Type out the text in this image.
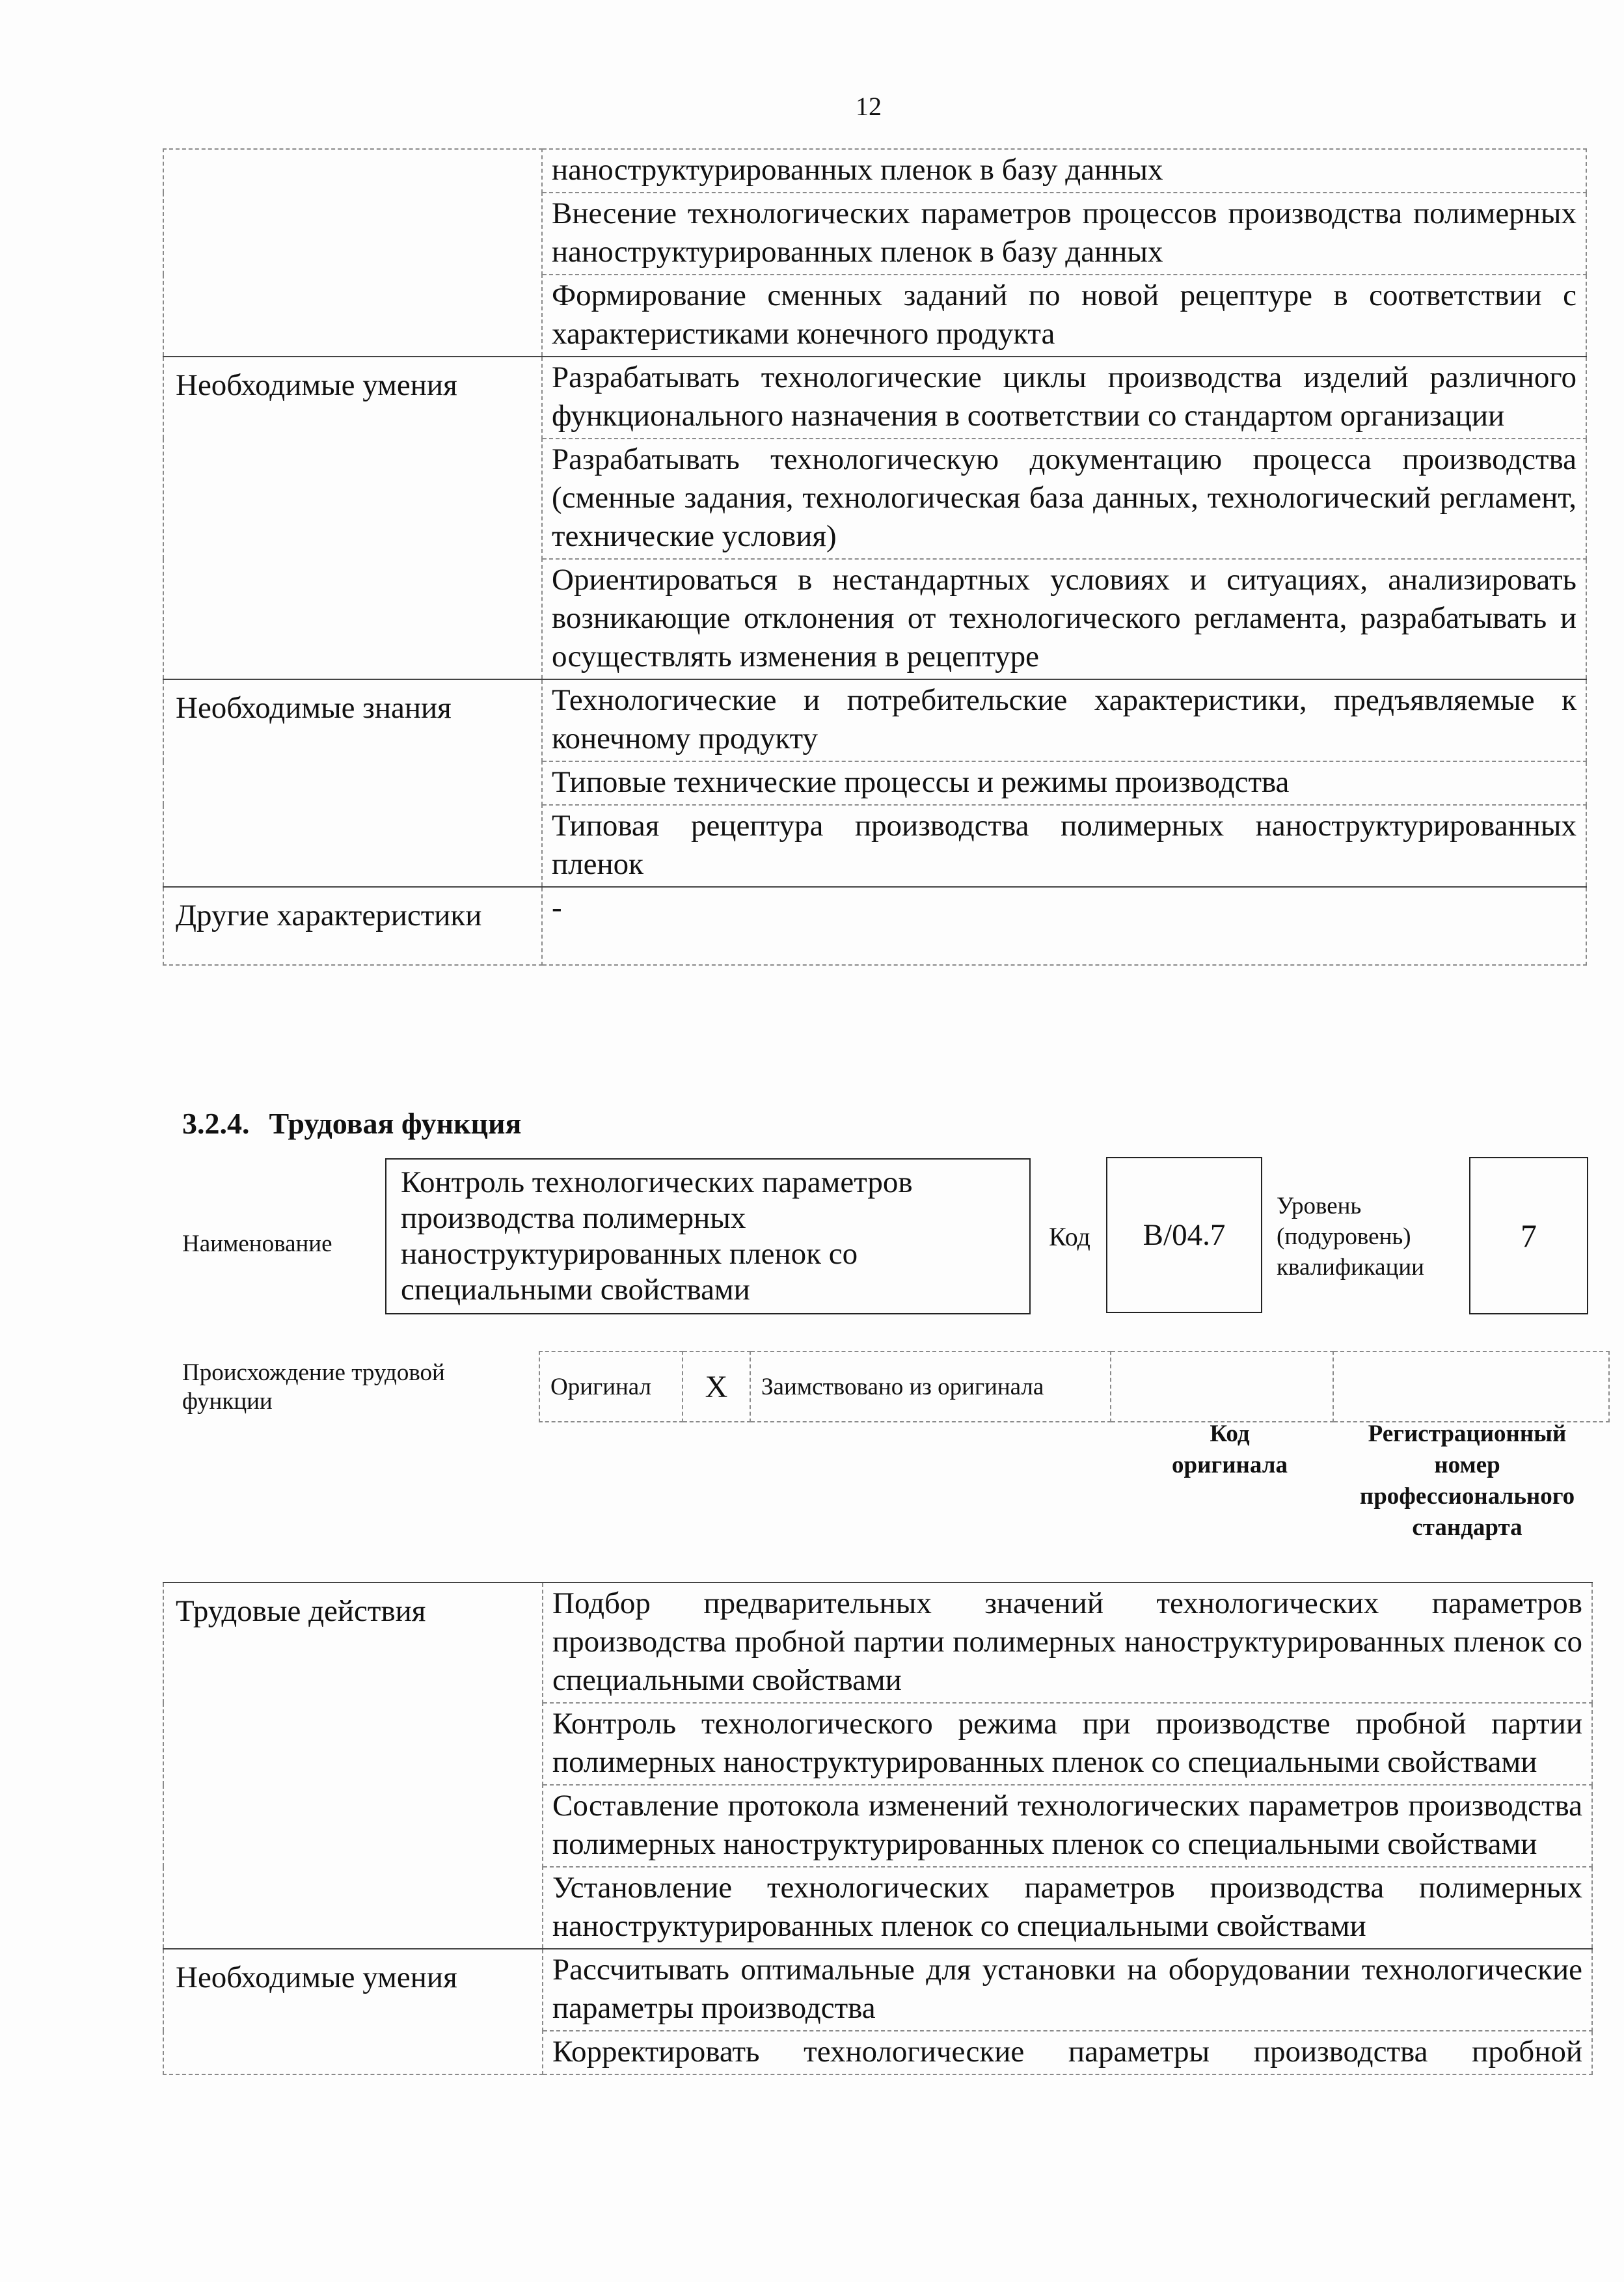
12
	наноструктурированных пленок в базу данных
	Внесение технологических параметров процессов производства полимерных наноструктурированных пленок в базу данных
	Формирование сменных заданий по новой рецептуре в соответствии с характеристиками конечного продукта
Необходимые умения	Разрабатывать технологические циклы производства изделий различного функционального назначения в соответствии со стандартом организации
	Разрабатывать технологическую документацию процесса производства (сменные задания, технологическая база данных, технологический регламент, технические условия)
	Ориентироваться в нестандартных условиях и ситуациях, анализировать возникающие отклонения от технологического регламента, разрабатывать и осуществлять изменения в рецептуре
Необходимые знания	Технологические и потребительские характеристики, предъявляемые к конечному продукту
	Типовые технические процессы и режимы производства
	Типовая рецептура производства полимерных наноструктурированных пленок
Другие характеристики	-
3.2.4. Трудовая функция
Наименование
Контроль технологических параметров производства полимерных наноструктурированных пленок со специальными свойствами
Код	B/04.7
Уровень
(подуровень)
квалификации
7
Происхождение трудовой
функции
Оригинал	X	Заимствовано из оригинала		
Код
оригинала
Регистрационный
номер
профессионального
стандарта
Трудовые действия	Подбор предварительных значений технологических параметров производства пробной партии полимерных наноструктурированных пленок со специальными свойствами
	Контроль технологического режима при производстве пробной партии полимерных наноструктурированных пленок со специальными свойствами
	Составление протокола изменений технологических параметров производства полимерных наноструктурированных пленок со специальными свойствами
	Установление технологических параметров производства полимерных наноструктурированных пленок со специальными свойствами
Необходимые умения	Рассчитывать оптимальные для установки на оборудовании технологические параметры производства
	Корректировать технологические параметры производства пробной
